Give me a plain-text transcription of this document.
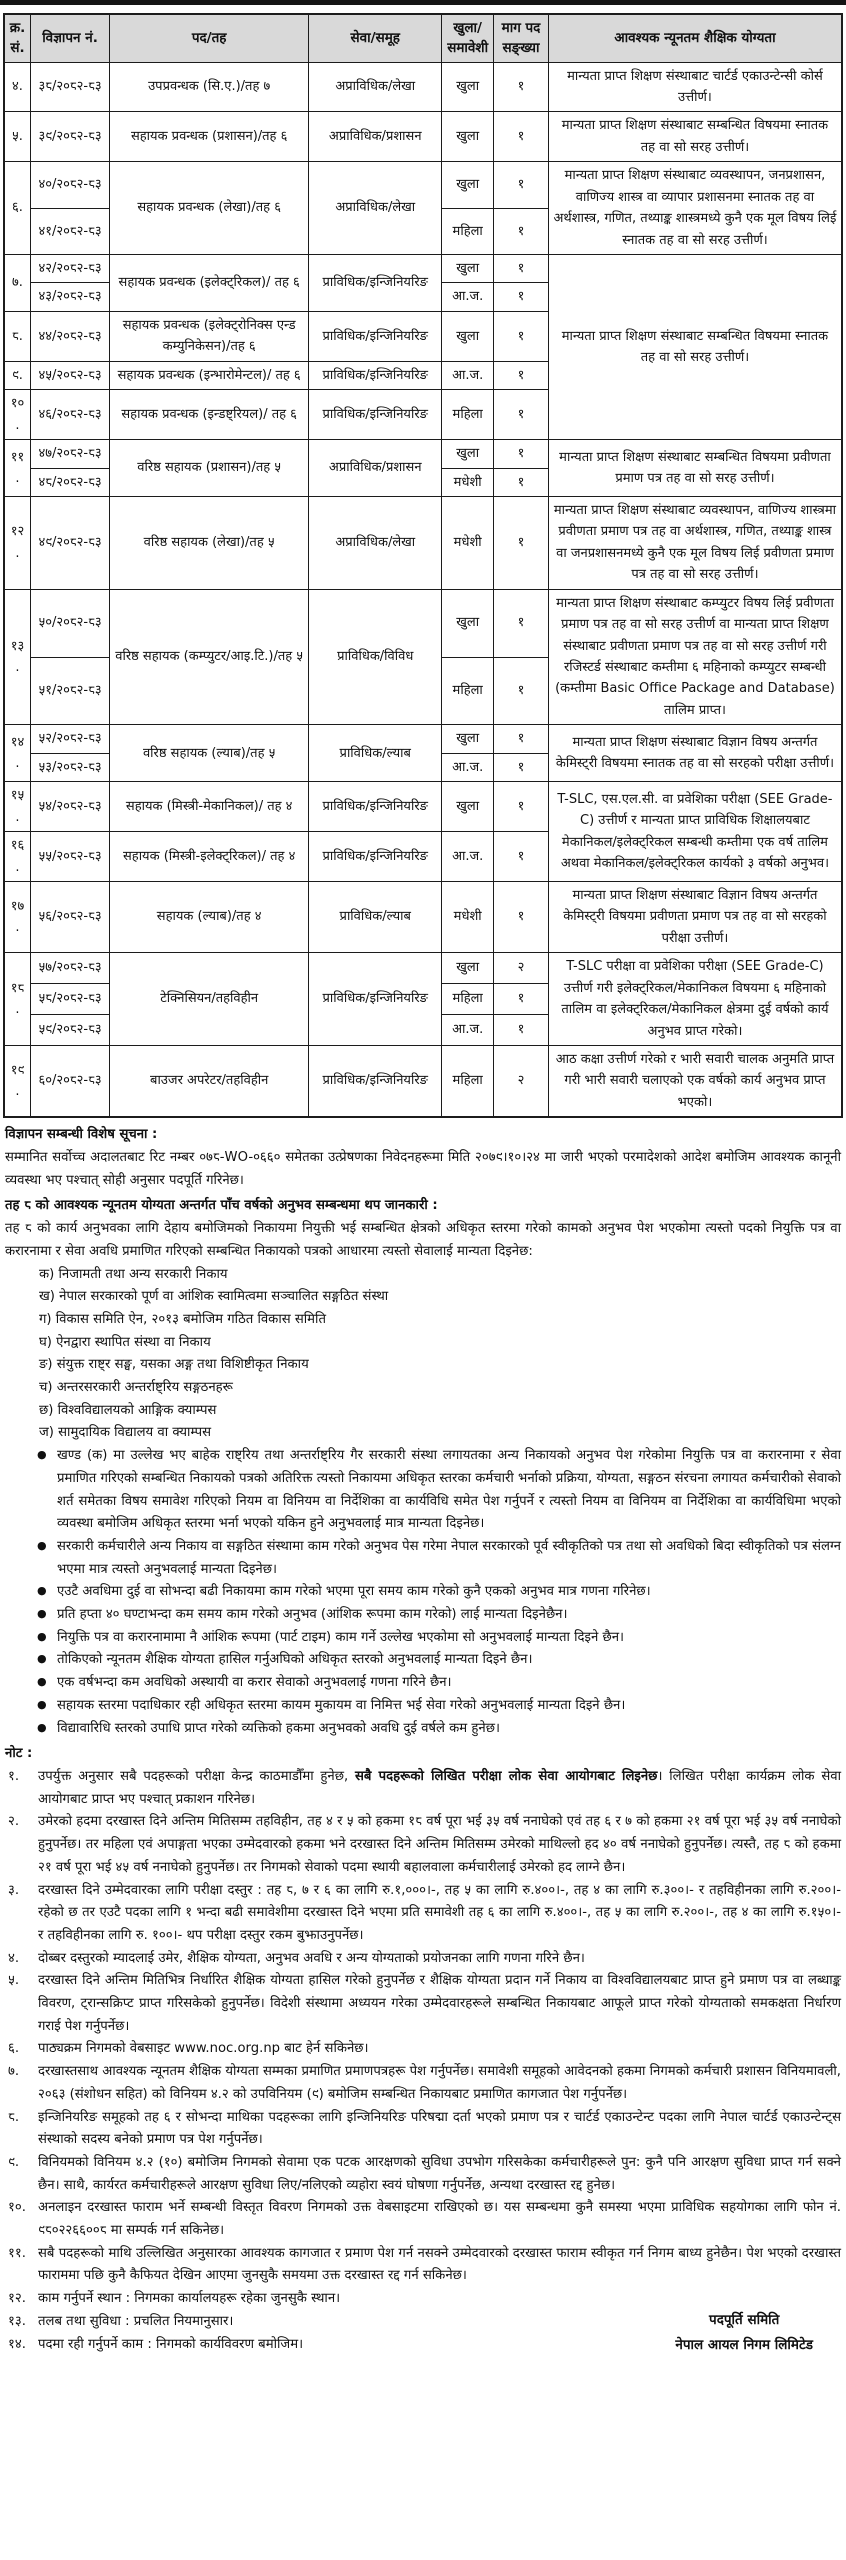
क्र. सं.	विज्ञापन नं.	पद/तह	सेवा/समूह	खुला/ समावेशी	माग पद सङ्ख्या	आवश्यक न्यूनतम शैक्षिक योग्यता
४.	३८/२०८२-८३	उपप्रवन्धक (सि.ए.)/तह ७	अप्राविधिक/लेखा	खुला	१	मान्यता प्राप्त शिक्षण संस्थाबाट चार्टर्ड एकाउन्टेन्सी कोर्स उत्तीर्ण।
५.	३९/२०८२-८३	सहायक प्रवन्धक (प्रशासन)/तह ६	अप्राविधिक/प्रशासन	खुला	१	मान्यता प्राप्त शिक्षण संस्थाबाट सम्बन्धित विषयमा स्नातक तह वा सो सरह उत्तीर्ण।
६.	४०/२०८२-८३	सहायक प्रवन्धक (लेखा)/तह ६	अप्राविधिक/लेखा	खुला	१	मान्यता प्राप्त शिक्षण संस्थाबाट व्यवस्थापन, जनप्रशासन, वाणिज्य शास्त्र वा व्यापार प्रशासनमा स्नातक तह वा अर्थशास्त्र, गणित, तथ्याङ्क शास्त्रमध्ये कुनै एक मूल विषय लिई स्नातक तह वा सो सरह उत्तीर्ण।
	४१/२०८२-८३			महिला	१	
७.	४२/२०८२-८३	सहायक प्रवन्धक (इलेक्ट्रिकल)/ तह ६	प्राविधिक/इन्जिनियरिङ	खुला	१	मान्यता प्राप्त शिक्षण संस्थाबाट सम्बन्धित विषयमा स्नातक तह वा सो सरह उत्तीर्ण।
	४३/२०८२-८३			आ.ज.	१	
८.	४४/२०८२-८३	सहायक प्रवन्धक (इलेक्ट्रोनिक्स एन्ड कम्युनिकेसन)/तह ६	प्राविधिक/इन्जिनियरिङ	खुला	१	
९.	४५/२०८२-८३	सहायक प्रवन्धक (इन्भारोमेन्टल)/ तह ६	प्राविधिक/इन्जिनियरिङ	आ.ज.	१	
१०.	४६/२०८२-८३	सहायक प्रवन्धक (इन्डष्ट्रियल)/ तह ६	प्राविधिक/इन्जिनियरिङ	महिला	१	
११.	४७/२०८२-८३	वरिष्ठ सहायक (प्रशासन)/तह ५	अप्राविधिक/प्रशासन	खुला	१	मान्यता प्राप्त शिक्षण संस्थाबाट सम्बन्धित विषयमा प्रवीणता प्रमाण पत्र तह वा सो सरह उत्तीर्ण।
	४८/२०८२-८३			मधेशी	१	
१२.	४९/२०८२-८३	वरिष्ठ सहायक (लेखा)/तह ५	अप्राविधिक/लेखा	मधेशी	१	मान्यता प्राप्त शिक्षण संस्थाबाट व्यवस्थापन, वाणिज्य शास्त्रमा प्रवीणता प्रमाण पत्र तह वा अर्थशास्त्र, गणित, तथ्याङ्क शास्त्र वा जनप्रशासनमध्ये कुनै एक मूल विषय लिई प्रवीणता प्रमाण पत्र तह वा सो सरह उत्तीर्ण।
१३.	५०/२०८२-८३	वरिष्ठ सहायक (कम्प्युटर/आइ.टि.)/तह ५	प्राविधिक/विविध	खुला	१	मान्यता प्राप्त शिक्षण संस्थाबाट कम्प्युटर विषय लिई प्रवीणता प्रमाण पत्र तह वा सो सरह उत्तीर्ण वा मान्यता प्राप्त शिक्षण संस्थाबाट प्रवीणता प्रमाण पत्र तह वा सो सरह उत्तीर्ण गरी रजिस्टर्ड संस्थाबाट कम्तीमा ६ महिनाको कम्प्युटर सम्बन्धी (कम्तीमा Basic Office Package and Database) तालिम प्राप्त।
	५१/२०८२-८३			महिला	१	
१४.	५२/२०८२-८३	वरिष्ठ सहायक (ल्याब)/तह ५	प्राविधिक/ल्याब	खुला	१	मान्यता प्राप्त शिक्षण संस्थाबाट विज्ञान विषय अन्तर्गत केमिस्ट्री विषयमा स्नातक तह वा सो सरहको परीक्षा उत्तीर्ण।
	५३/२०८२-८३			आ.ज.	१	
१५.	५४/२०८२-८३	सहायक (मिस्त्री-मेकानिकल)/ तह ४	प्राविधिक/इन्जिनियरिङ	खुला	१	T-SLC, एस.एल.सी. वा प्रवेशिका परीक्षा (SEE Grade-C) उत्तीर्ण र मान्यता प्राप्त प्राविधिक शिक्षालयबाट मेकानिकल/इलेक्ट्रिकल सम्बन्धी कम्तीमा एक वर्ष तालिम अथवा मेकानिकल/इलेक्ट्रिकल कार्यको ३ वर्षको अनुभव।
१६.	५५/२०८२-८३	सहायक (मिस्त्री-इलेक्ट्रिकल)/ तह ४	प्राविधिक/इन्जिनियरिङ	आ.ज.	१	
१७.	५६/२०८२-८३	सहायक (ल्याब)/तह ४	प्राविधिक/ल्याब	मधेशी	१	मान्यता प्राप्त शिक्षण संस्थाबाट विज्ञान विषय अन्तर्गत केमिस्ट्री विषयमा प्रवीणता प्रमाण पत्र तह वा सो सरहको परीक्षा उत्तीर्ण।
१८.	५७/२०८२-८३	टेक्निसियन/तहविहीन	प्राविधिक/इन्जिनियरिङ	खुला	२	T-SLC परीक्षा वा प्रवेशिका परीक्षा (SEE Grade-C) उत्तीर्ण गरी इलेक्ट्रिकल/मेकानिकल विषयमा ६ महिनाको तालिम वा इलेक्ट्रिकल/मेकानिकल क्षेत्रमा दुई वर्षको कार्य अनुभव प्राप्त गरेको।
	५८/२०८२-८३			महिला	१	
	५९/२०८२-८३			आ.ज.	१	
१९.	६०/२०८२-८३	बाउजर अपरेटर/तहविहीन	प्राविधिक/इन्जिनियरिङ	महिला	२	आठ कक्षा उत्तीर्ण गरेको र भारी सवारी चालक अनुमति प्राप्त गरी भारी सवारी चलाएको एक वर्षको कार्य अनुभव प्राप्त भएको।
विज्ञापन सम्बन्धी विशेष सूचना :
सम्मानित सर्वोच्च अदालतबाट रिट नम्बर ०७८-WO-०६६० समेतका उत्प्रेषणका निवेदनहरूमा मिति २०७९।१०।२४ मा जारी भएको परमादेशको आदेश बमोजिम आवश्यक कानूनी व्यवस्था भए पश्चात् सोही अनुसार पदपूर्ति गरिनेछ।
तह ८ को आवश्यक न्यूनतम योग्यता अन्तर्गत पाँच वर्षको अनुभव सम्बन्धमा थप जानकारी :
तह ८ को कार्य अनुभवका लागि देहाय बमोजिमको निकायमा नियुक्ती भई सम्बन्धित क्षेत्रको अधिकृत स्तरमा गरेको कामको अनुभव पेश भएकोमा त्यस्तो पदको नियुक्ति पत्र वा करारनामा र सेवा अवधि प्रमाणित गरिएको सम्बन्धित निकायको पत्रको आधारमा त्यस्तो सेवालाई मान्यता दिइनेछ:
क) निजामती तथा अन्य सरकारी निकाय
ख) नेपाल सरकारको पूर्ण वा आंशिक स्वामित्वमा सञ्चालित सङ्गठित संस्था
ग) विकास समिति ऐन, २०१३ बमोजिम गठित विकास समिति
घ) ऐनद्वारा स्थापित संस्था वा निकाय
ङ) संयुक्त राष्ट्र सङ्घ, यसका अङ्ग तथा विशिष्टीकृत निकाय
च) अन्तरसरकारी अन्तर्राष्ट्रिय सङ्गठनहरू
छ) विश्वविद्यालयको आङ्गिक क्याम्पस
ज) सामुदायिक विद्यालय वा क्याम्पस
● खण्ड (क) मा उल्लेख भए बाहेक राष्ट्रिय तथा अन्तर्राष्ट्रिय गैर सरकारी संस्था लगायतका अन्य निकायको अनुभव पेश गरेकोमा नियुक्ति पत्र वा करारनामा र सेवा प्रमाणित गरिएको सम्बन्धित निकायको पत्रको अतिरिक्त त्यस्तो निकायमा अधिकृत स्तरका कर्मचारी भर्नाको प्रक्रिया, योग्यता, सङ्गठन संरचना लगायत कर्मचारीको सेवाको शर्त समेतका विषय समावेश गरिएको नियम वा विनियम वा निर्देशिका वा कार्यविधि समेत पेश गर्नुपर्ने र त्यस्तो नियम वा विनियम वा निर्देशिका वा कार्यविधिमा भएको व्यवस्था बमोजिम अधिकृत स्तरमा भर्ना भएको यकिन हुने अनुभवलाई मात्र मान्यता दिइनेछ।
● सरकारी कर्मचारीले अन्य निकाय वा सङ्गठित संस्थामा काम गरेको अनुभव पेस गरेमा नेपाल सरकारको पूर्व स्वीकृतिको पत्र तथा सो अवधिको बिदा स्वीकृतिको पत्र संलग्न भएमा मात्र त्यस्तो अनुभवलाई मान्यता दिइनेछ।
● एउटै अवधिमा दुई वा सोभन्दा बढी निकायमा काम गरेको भएमा पूरा समय काम गरेको कुनै एकको अनुभव मात्र गणना गरिनेछ।
● प्रति हप्ता ४० घण्टाभन्दा कम समय काम गरेको अनुभव (आंशिक रूपमा काम गरेको) लाई मान्यता दिइनेछैन।
● नियुक्ति पत्र वा करारनामामा नै आंशिक रूपमा (पार्ट टाइम) काम गर्ने उल्लेख भएकोमा सो अनुभवलाई मान्यता दिइने छैन।
● तोकिएको न्यूनतम शैक्षिक योग्यता हासिल गर्नुअघिको अधिकृत स्तरको अनुभवलाई मान्यता दिइने छैन।
● एक वर्षभन्दा कम अवधिको अस्थायी वा करार सेवाको अनुभवलाई गणना गरिने छैन।
● सहायक स्तरमा पदाधिकार रही अधिकृत स्तरमा कायम मुकायम वा निमित्त भई सेवा गरेको अनुभवलाई मान्यता दिइने छैन।
● विद्यावारिधि स्तरको उपाधि प्राप्त गरेको व्यक्तिको हकमा अनुभवको अवधि दुई वर्षले कम हुनेछ।
नोट :
१.	उपर्युक्त अनुसार सबै पदहरूको परीक्षा केन्द्र काठमाडौँमा हुनेछ, सबै पदहरूको लिखित परीक्षा लोक सेवा आयोगबाट लिइनेछ। लिखित परीक्षा कार्यक्रम लोक सेवा आयोगबाट प्राप्त भए पश्चात् प्रकाशन गरिनेछ।
२.	उमेरको हदमा दरखास्त दिने अन्तिम मितिसम्म तहविहीन, तह ४ र ५ को हकमा १८ वर्ष पूरा भई ३५ वर्ष ननाघेको एवं तह ६ र ७ को हकमा २१ वर्ष पूरा भई ३५ वर्ष ननाघेको हुनुपर्नेछ। तर महिला एवं अपाङ्गता भएका उम्मेदवारको हकमा भने दरखास्त दिने अन्तिम मितिसम्म उमेरको माथिल्लो हद ४० वर्ष ननाघेको हुनुपर्नेछ। त्यस्तै, तह ८ को हकमा २१ वर्ष पूरा भई ४५ वर्ष ननाघेको हुनुपर्नेछ। तर निगमको सेवाको पदमा स्थायी बहालवाला कर्मचारीलाई उमेरको हद लाग्ने छैन।
३.	दरखास्त दिने उम्मेदवारका लागि परीक्षा दस्तुर : तह ८, ७ र ६ का लागि रु.१,०००।-, तह ५ का लागि रु.४००।-, तह ४ का लागि रु.३००।- र तहविहीनका लागि रु.२००।- रहेको छ तर एउटै पदका लागि १ भन्दा बढी समावेशीमा दरखास्त दिने भएमा प्रति समावेशी तह ६ का लागि रु.४००।-, तह ५ का लागि रु.२००।-, तह ४ का लागि रु.१५०।- र तहविहीनका लागि रु. १००।- थप परीक्षा दस्तुर रकम बुझाउनुपर्नेछ।
४.	दोब्बर दस्तुरको म्यादलाई उमेर, शैक्षिक योग्यता, अनुभव अवधि र अन्य योग्यताको प्रयोजनका लागि गणना गरिने छैन।
५.	दरखास्त दिने अन्तिम मितिभित्र निर्धारित शैक्षिक योग्यता हासिल गरेको हुनुपर्नेछ र शैक्षिक योग्यता प्रदान गर्ने निकाय वा विश्वविद्यालयबाट प्राप्त हुने प्रमाण पत्र वा लब्धाङ्क विवरण, ट्रान्सक्रिप्ट प्राप्त गरिसकेको हुनुपर्नेछ। विदेशी संस्थामा अध्ययन गरेका उम्मेदवारहरूले सम्बन्धित निकायबाट आफूले प्राप्त गरेको योग्यताको समकक्षता निर्धारण गराई पेश गर्नुपर्नेछ।
६.	पाठ्यक्रम निगमको वेबसाइट www.noc.org.np बाट हेर्न सकिनेछ।
७.	दरखास्तसाथ आवश्यक न्यूनतम शैक्षिक योग्यता सम्मका प्रमाणित प्रमाणपत्रहरू पेश गर्नुपर्नेछ। समावेशी समूहको आवेदनको हकमा निगमको कर्मचारी प्रशासन विनियमावली, २०६३ (संशोधन सहित) को विनियम ४.२ को उपविनियम (९) बमोजिम सम्बन्धित निकायबाट प्रमाणित कागजात पेश गर्नुपर्नेछ।
८.	इन्जिनियरिङ समूहको तह ६ र सोभन्दा माथिका पदहरूका लागि इन्जिनियरिङ परिषद्मा दर्ता भएको प्रमाण पत्र र चार्टर्ड एकाउन्टेन्ट पदका लागि नेपाल चार्टर्ड एकाउन्टेन्ट्स संस्थाको सदस्य बनेको प्रमाण पत्र पेश गर्नुपर्नेछ।
९.	विनियमको विनियम ४.२ (१०) बमोजिम निगमको सेवामा एक पटक आरक्षणको सुविधा उपभोग गरिसकेका कर्मचारीहरूले पुन: कुनै पनि आरक्षण सुविधा प्राप्त गर्न सक्ने छैन। साथै, कार्यरत कर्मचारीहरूले आरक्षण सुविधा लिए/नलिएको व्यहोरा स्वयं घोषणा गर्नुपर्नेछ, अन्यथा दरखास्त रद्द हुनेछ।
१०. अनलाइन दरखास्त फाराम भर्ने सम्बन्धी विस्तृत विवरण निगमको उक्त वेबसाइटमा राखिएको छ। यस सम्बन्धमा कुनै समस्या भएमा प्राविधिक सहयोगका लागि फोन नं. ९८०२२६६००८ मा सम्पर्क गर्न सकिनेछ।
११. सबै पदहरूको माथि उल्लिखित अनुसारका आवश्यक कागजात र प्रमाण पेश गर्न नसक्ने उम्मेदवारको दरखास्त फाराम स्वीकृत गर्न निगम बाध्य हुनेछैन। पेश भएको दरखास्त फाराममा पछि कुनै कैफियत देखिन आएमा जुनसुकै समयमा उक्त दरखास्त रद्द गर्न सकिनेछ।
१२. काम गर्नुपर्ने स्थान : निगमका कार्यालयहरू रहेका जुनसुकै स्थान।
१३. तलब तथा सुविधा : प्रचलित नियमानुसार।
१४. पदमा रही गर्नुपर्ने काम : निगमको कार्यविवरण बमोजिम।
पदपूर्ति समिति
नेपाल आयल निगम लिमिटेड
